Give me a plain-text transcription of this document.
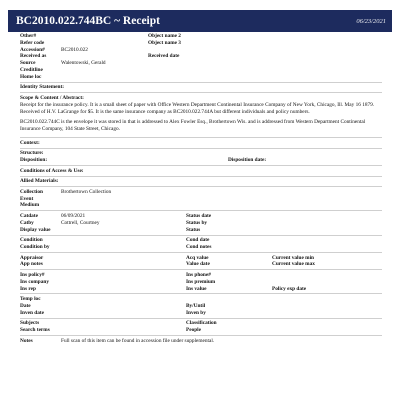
BC2010.022.744BC ~ Receipt	06/23/2021
Other#	Object name 2
Refer code	Object name 3
Accession#	BC2010.022
Received as	Received date
Source	Walentowski, Gerald
Creditline
Home loc
Identity Statement:
Scope & Content / Abstract:

Receipt for the insurance policy. It is a small sheet of paper with Office Western Department Continental Insurance Company of New York, Chicago, Ill. May 16 1879. Received of H.V. LaGrange for $5. It is the same insurance company as BC2010.022.744A but different individuals and policy numbers.

BC2010.022.744C is the envelope it was stored in that is addressed to Alex Fowler Esq., Brothertown Wis. and is addressed from Western Department Continental Insurance Company, 104 State Street, Chicago.

Context:
Structure:
Disposition:	Disposition date:
Conditions of Access & Use:
Allied Materials:
Collection	Brothertown Collection
Event
Medium
Catdate	06/09/2021	Status date
Catby	Cottrell, Courtney	Status by
Display value	Status
Condition	Cond date
Condition by	Cond notes
Appraisor	Acq value	Current value min
App notes	Value date	Current value max
Ins policy#	Ins phone#
Ins company	Ins premium
Ins rep	Ins value	Policy exp date
Temp loc
Date	By/Until
Inven date	Inven by
Subjects	Classification
Search terms	People
Notes	Full scan of this item can be found in accession file under supplemental.
